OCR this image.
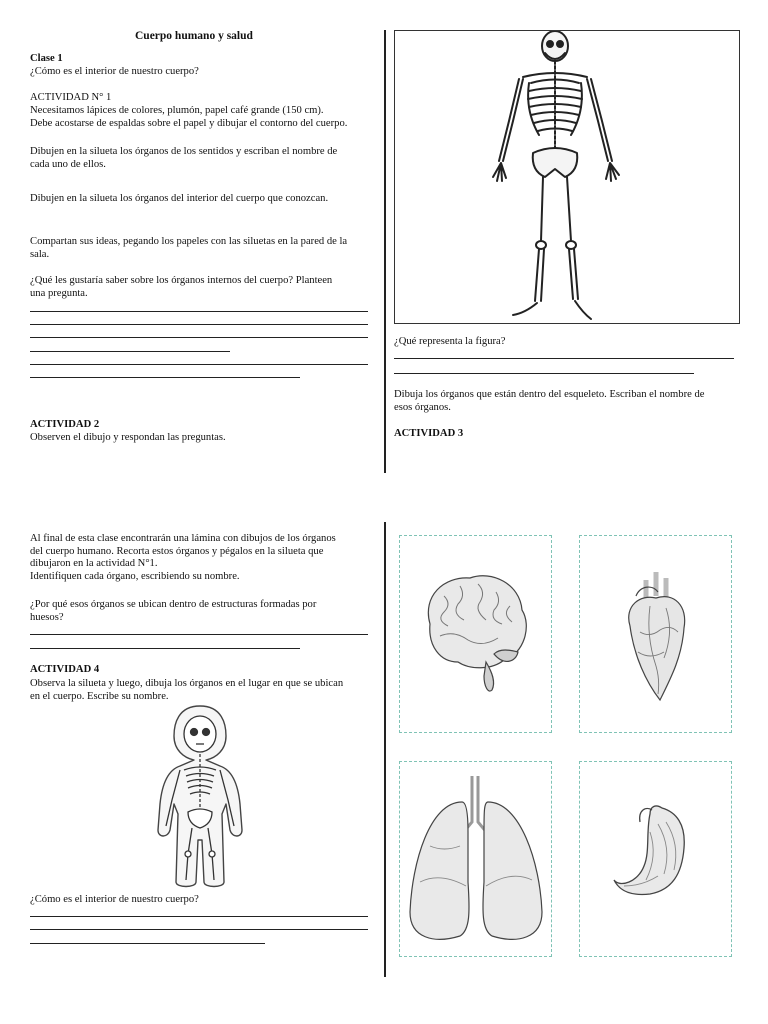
Cuerpo humano y salud
Clase 1
¿Cómo es el interior de nuestro cuerpo?
ACTIVIDAD N° 1
Necesitamos lápices de colores, plumón, papel café grande (150 cm).
Debe acostarse de espaldas sobre el papel y dibujar el contorno del cuerpo.
Dibujen en la silueta los órganos de los sentidos y escriban el nombre de
cada uno de ellos.
Dibujen en la silueta los órganos del interior del cuerpo que conozcan.
Compartan sus ideas, pegando los papeles con las siluetas en la pared de la
sala.
¿Qué les gustaría saber sobre los órganos internos del cuerpo? Planteen
una pregunta.
ACTIVIDAD 2
Observen el dibujo y respondan las preguntas.
¿Qué representa la figura?
Dibuja los órganos que están dentro del esqueleto. Escriban el nombre de
esos órganos.
ACTIVIDAD 3
Al final de esta clase encontrarán una lámina con dibujos de los órganos
del cuerpo humano. Recorta estos órganos y pégalos en la silueta que
dibujaron en la actividad N°1.
Identifiquen cada órgano, escribiendo su nombre.
¿Por qué esos órganos se ubican dentro de estructuras formadas por
huesos?
ACTIVIDAD 4
Observa la silueta y luego, dibuja los órganos en el lugar en que se ubican
en el cuerpo. Escribe su nombre.
¿Cómo es el interior de nuestro cuerpo?
